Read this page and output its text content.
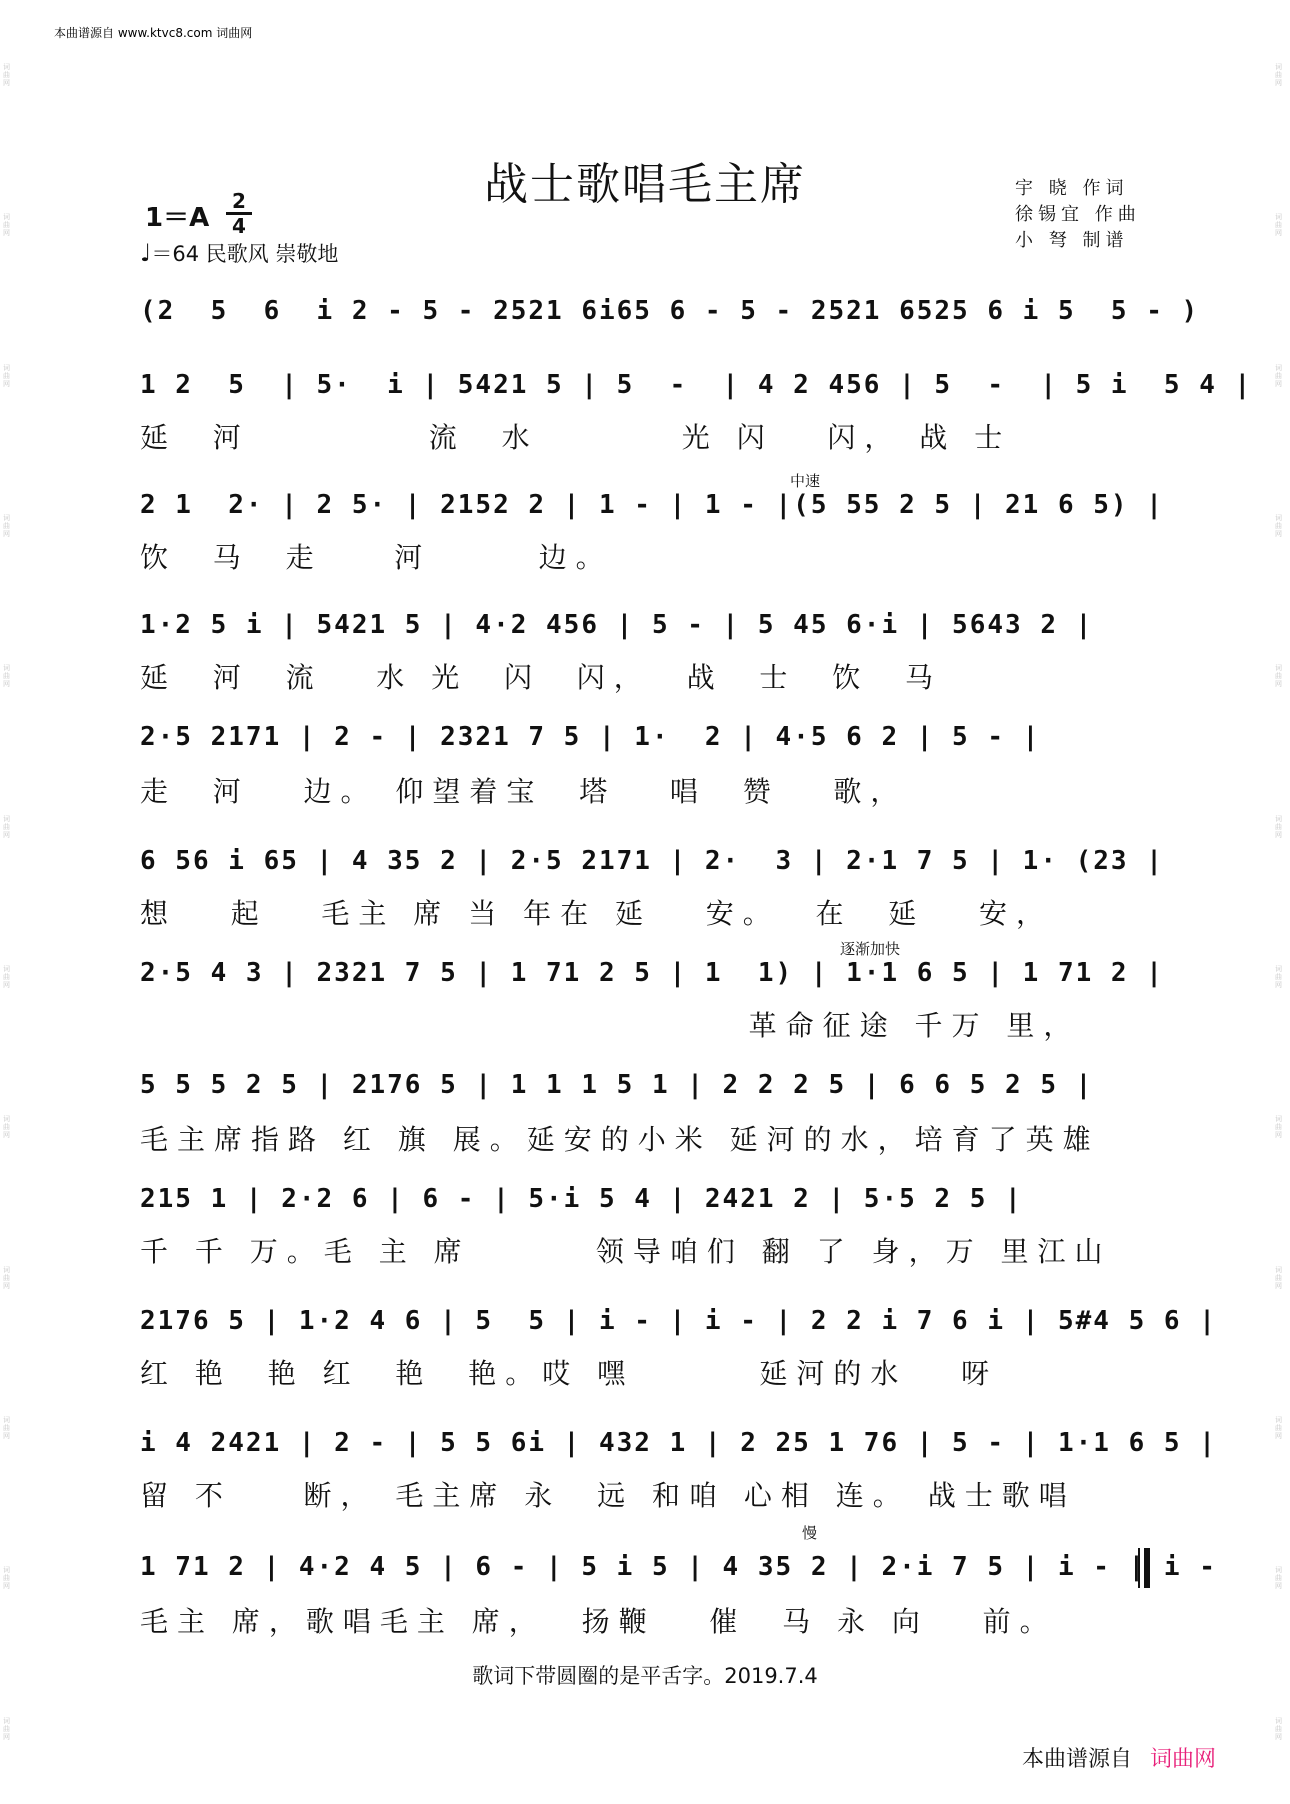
词曲网
词曲网
词曲网
词曲网
词曲网
词曲网
词曲网
词曲网
词曲网
词曲网
词曲网
词曲网
词曲网
词曲网
词曲网
词曲网
词曲网
词曲网
词曲网
词曲网
词曲网
词曲网
词曲网
词曲网
本曲谱源自 www.ktvc8.com 词曲网
战士歌唱毛主席	宇 晓 作词
徐锡宜 作曲
小 弩 制谱
1＝A
2
4
♩＝64 民歌风 崇敬地
(2  5  6  i 2 - 5 - 2521 6i65 6 - 5 - 2521 6525 6 i 5  5 - )
1 2  5  | 5·  i | 5421 5 | 5  -  | 4 2 456 | 5  -  | 5 i  5 4 |
延  河          流  水        光 闪   闪， 战 士
中速
2 1  2· | 2 5· | 2152 2 | 1 - | 1 - |(5 55 2 5 | 21 6 5) |
饮  马  走    河      边。
1·2 5 i | 5421 5 | 4·2 456 | 5 - | 5 45 6·i | 5643 2 |
延  河  流   水 光  闪  闪，  战  士  饮  马
2·5 2171 | 2 - | 2321 7 5 | 1·  2 | 4·5 6 2 | 5 - |
走  河   边。 仰望着宝  塔   唱  赞   歌，
6 56 i 65 | 4 35 2 | 2·5 2171 | 2·  3 | 2·1 7 5 | 1· (23 |
想   起   毛主 席 当 年在 延   安。  在  延   安，
逐渐加快
2·5 4 3 | 2321 7 5 | 1 71 2 5 | 1  1) | 1·1 6 5 | 1 71 2 |
革命征途 千万 里，
5 5 5 2 5 | 2176 5 | 1 1 1 5 1 | 2 2 2 5 | 6 6 5 2 5 |
毛主席指路 红 旗 展。延安的小米 延河的水，培育了英雄
215 1 | 2·2 6 | 6 - | 5·i 5 4 | 2421 2 | 5·5 2 5 |
千 千 万。毛 主 席       领导咱们 翻 了 身，万 里江山
2176 5 | 1·2 4 6 | 5  5 | i - | i - | 2 2 i 7 6 i | 5#4 5 6 |
红 艳  艳 红  艳  艳。哎 嘿       延河的水   呀
i 4 2421 | 2 - | 5 5 6i | 432 1 | 2 25 1 76 | 5 - | 1·1 6 5 |
留 不    断， 毛主席 永  远 和咱 心相 连。 战士歌唱
慢
1 71 2 | 4·2 4 5 | 6 - | 5 i 5 | 4 35 2 | 2·i 7 5 | i - | i -
毛主 席，歌唱毛主 席，  扬鞭   催  马 永 向   前。
歌词下带圆圈的是平舌字。2019.7.4
本曲谱源自 词曲网
